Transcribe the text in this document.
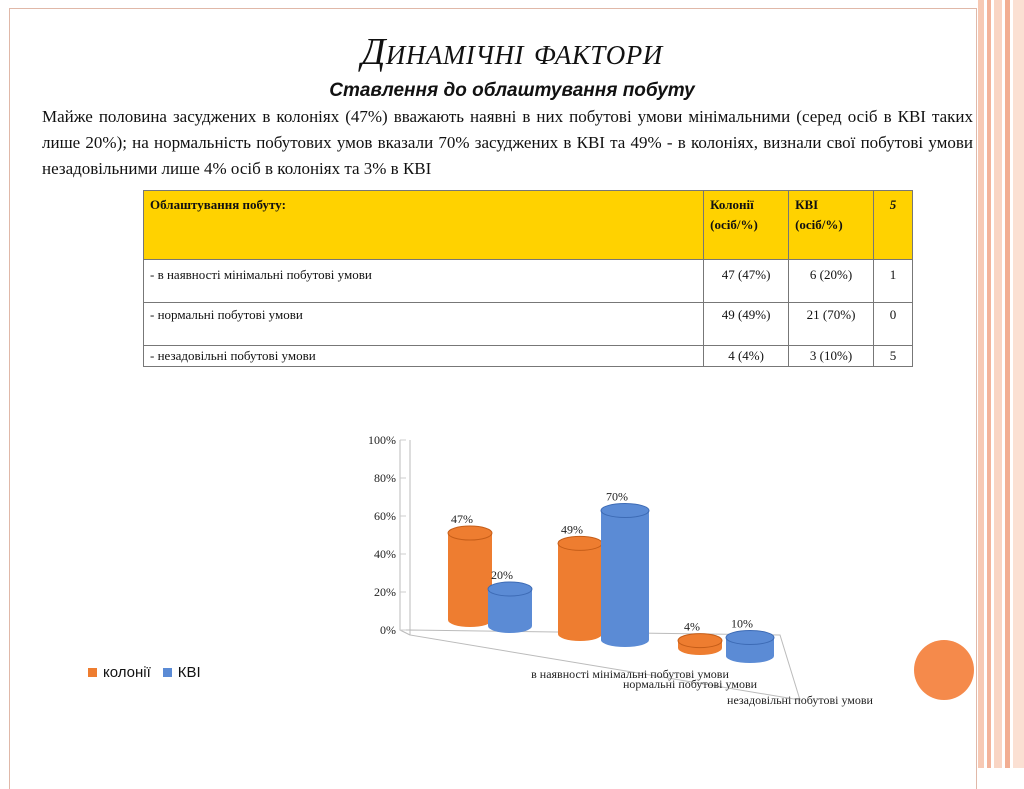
Динамічні фактори
Ставлення до облаштування побуту
Майже половина засуджених в колоніях (47%) вважають наявні в них побутові умови мінімальними (серед осіб в КВІ таких лише 20%); на нормальність побутових умов вказали 70% засуджених в КВІ та 49% - в колоніях, визнали свої побутові умови незадовільними лише 4% осіб в колоніях та 3% в КВІ
Облаштування побуту:	Колонії (осіб/%)	КВІ (осіб/%)	5
- в наявності мінімальні побутові умови	47 (47%)	6 (20%)	1
- нормальні побутові умови	49 (49%)	21 (70%)	0
- незадовільні побутові умови	4 (4%)	3 (10%)	5
0%
20%
40%
60%
80%
100%
47%
20%
49%
70%
4%	10%
в наявності мінімальні побутові умови
нормальні побутові умови
незадовільні побутові умови
колонії КВІ
